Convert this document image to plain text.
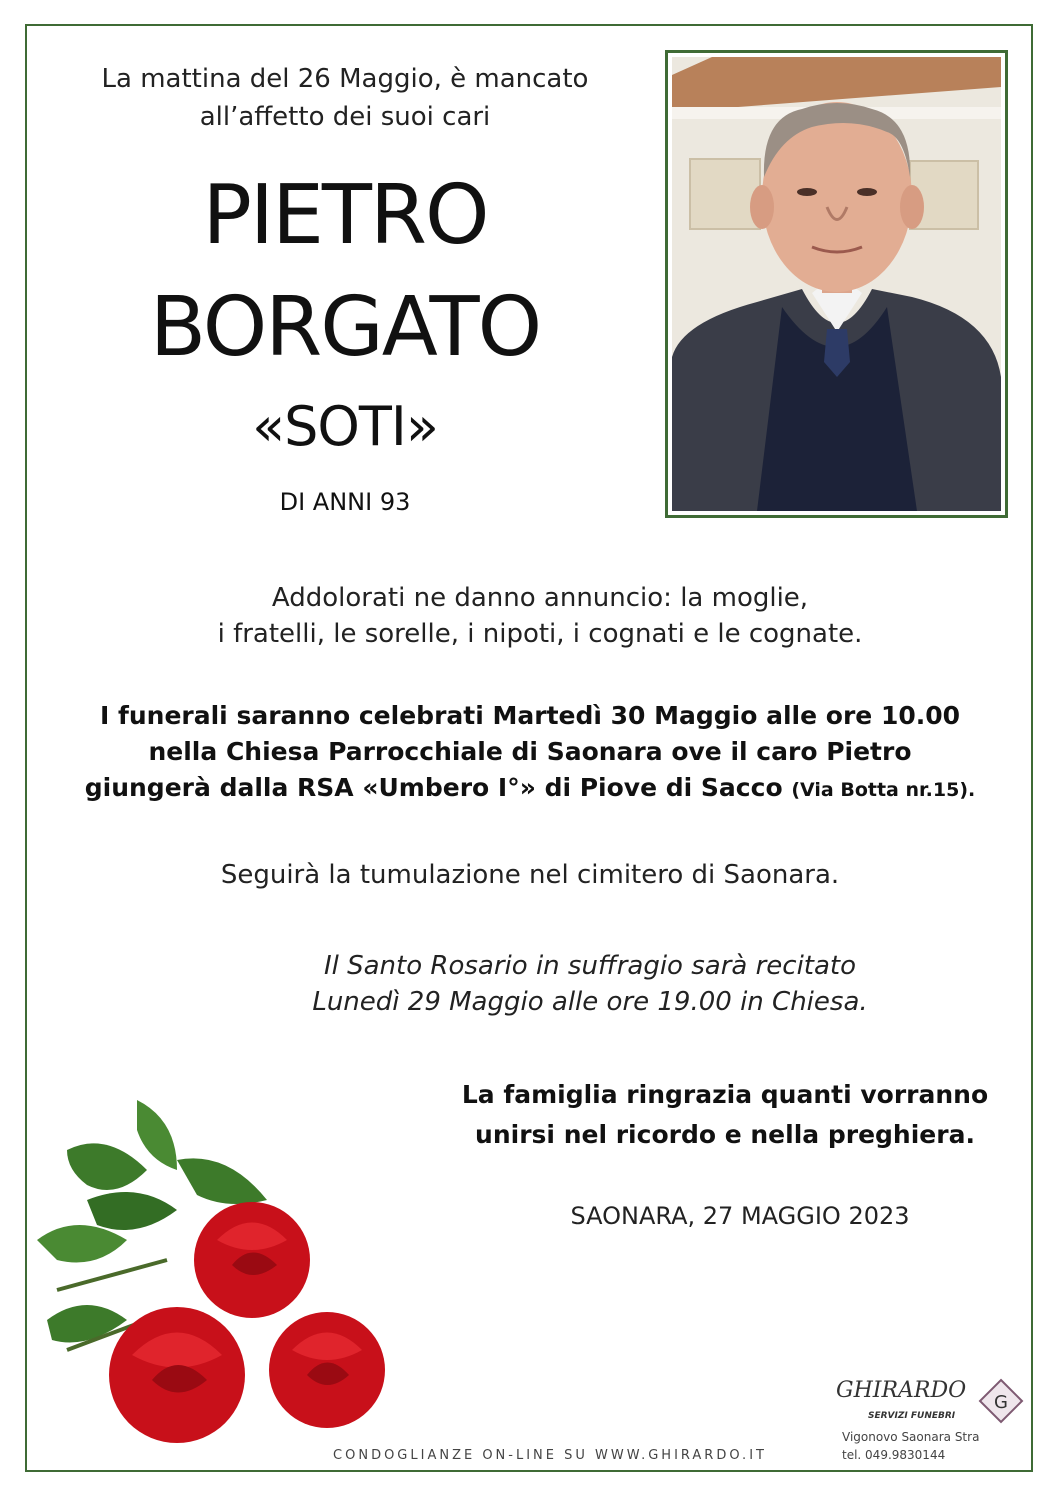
La mattina del 26 Maggio, è mancato
all’affetto dei suoi cari
PIETRO
BORGATO
«SOTI»
DI ANNI 93
Addolorati ne danno annuncio: la moglie,
i fratelli, le sorelle, i nipoti, i cognati e le cognate.
I funerali saranno celebrati Martedì 30 Maggio alle ore 10.00
nella Chiesa Parrocchiale di Saonara ove il caro Pietro
giungerà dalla RSA «Umbero I°» di Piove di Sacco (Via Botta nr.15).
Seguirà la tumulazione nel cimitero di Saonara.
Il Santo Rosario in suffragio sarà recitato
Lunedì 29 Maggio alle ore 19.00 in Chiesa.
La famiglia ringrazia quanti vorranno
unirsi nel ricordo e nella preghiera.
SAONARA, 27 MAGGIO 2023
CONDOGLIANZE ON-LINE SU WWW.GHIRARDO.IT
GHIRARDO
SERVIZI FUNEBRI
Vigonovo Saonara Stra
tel. 049.9830144
G
